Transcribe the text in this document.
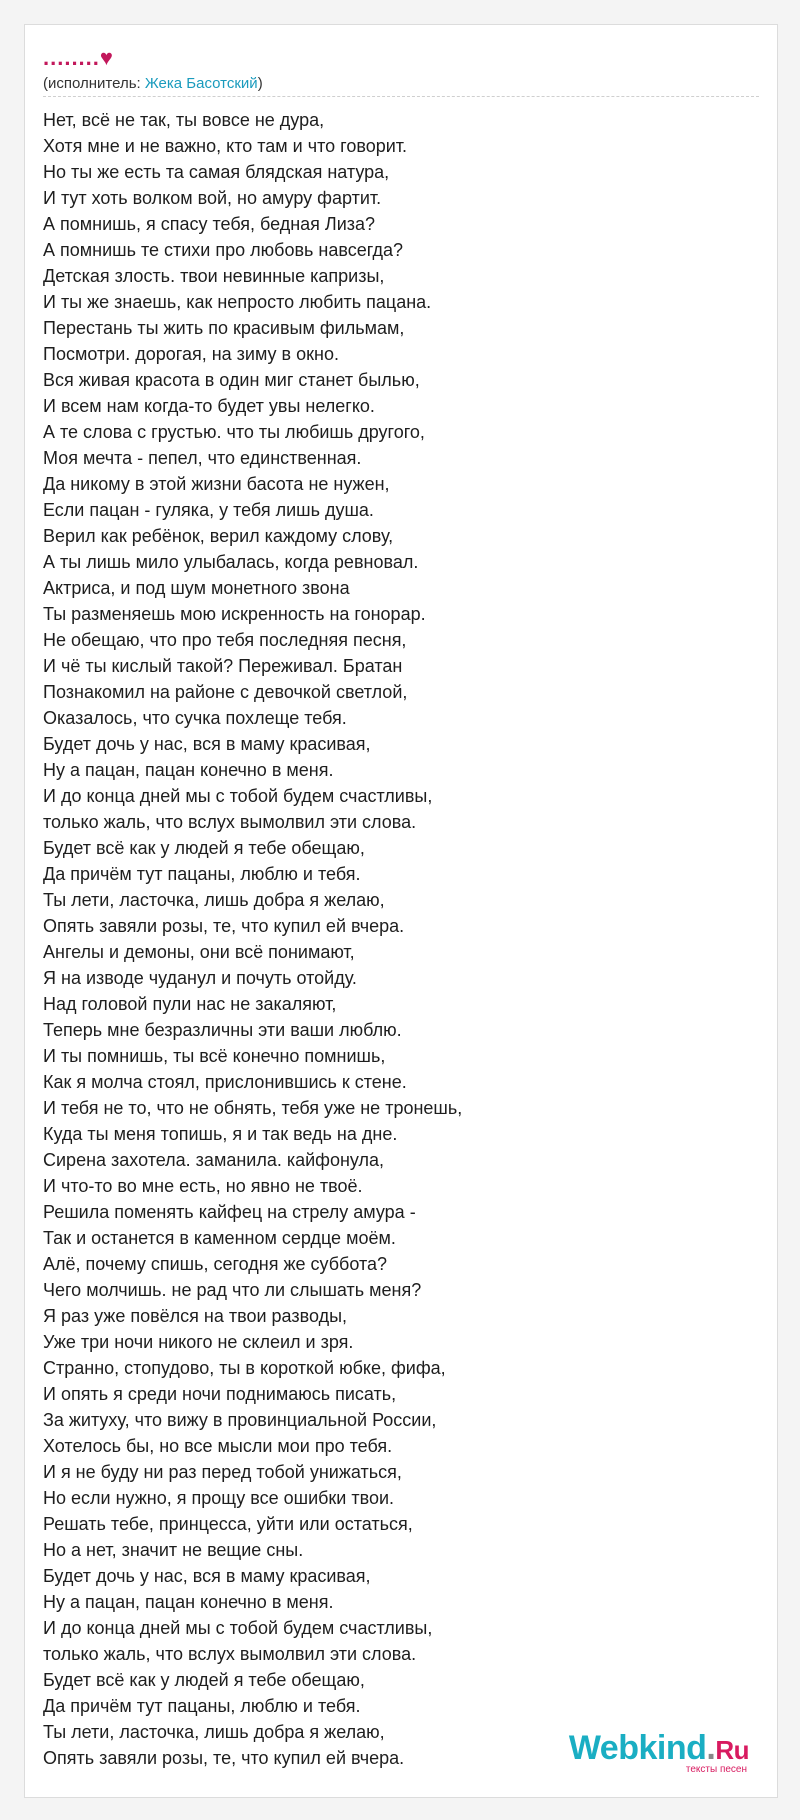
........♥
(исполнитель: Жека Басотский)
Нет, всё не так, ты вовсе не дура,
Хотя мне и не важно, кто там и что говорит.
Но ты же есть та самая блядская натура,
И тут хоть волком вой, но амуру фартит.
А помнишь, я спасу тебя, бедная Лиза?
А помнишь те стихи про любовь навсегда?
Детская злость. твои невинные капризы,
И ты же знаешь, как непросто любить пацана.
Перестань ты жить по красивым фильмам,
Посмотри. дорогая, на зиму в окно.
Вся живая красота в один миг станет былью,
И всем нам когда-то будет увы нелегко.
А те слова с грустью. что ты любишь другого,
Моя мечта - пепел, что единственная.
Да никому в этой жизни басота не нужен,
Если пацан - гуляка, у тебя лишь душа.
Верил как ребёнок, верил каждому слову,
А ты лишь мило улыбалась, когда ревновал.
Актриса, и под шум монетного звона
Ты разменяешь мою искренность на гонорар.
Не обещаю, что про тебя последняя песня,
И чё ты кислый такой? Переживал. Братан
Познакомил на районе с девочкой светлой,
Оказалось, что сучка похлеще тебя.
Будет дочь у нас, вся в маму красивая,
Ну а пацан, пацан конечно в меня.
И до конца дней мы с тобой будем счастливы,
только жаль, что вслух вымолвил эти слова.
Будет всё как у людей я тебе обещаю,
Да причём тут пацаны, люблю и тебя.
Ты лети, ласточка, лишь добра я желаю,
Опять завяли розы, те, что купил ей вчера.
Ангелы и демоны, они всё понимают,
Я на изводе чуданул и почуть отойду.
Над головой пули нас не закаляют,
Теперь мне безразличны эти ваши люблю.
И ты помнишь, ты всё конечно помнишь,
Как я молча стоял, прислонившись к стене.
И тебя не то, что не обнять, тебя уже не тронешь,
Куда ты меня топишь, я и так ведь на дне.
Сирена захотела. заманила. кайфонула,
И что-то во мне есть, но явно не твоё.
Решила поменять кайфец на стрелу амура -
Так и останется в каменном сердце моём.
Алё, почему спишь, сегодня же суббота?
Чего молчишь. не рад что ли слышать меня?
Я раз уже повёлся на твои разводы,
Уже три ночи никого не склеил и зря.
Странно, стопудово, ты в короткой юбке, фифа,
И опять я среди ночи поднимаюсь писать,
За житуху, что вижу в провинциальной России,
Хотелось бы, но все мысли мои про тебя.
И я не буду ни раз перед тобой унижаться,
Но если нужно, я прощу все ошибки твои.
Решать тебе, принцесса, уйти или остаться,
Но а нет, значит не вещие сны.
Будет дочь у нас, вся в маму красивая,
Ну а пацан, пацан конечно в меня.
И до конца дней мы с тобой будем счастливы,
только жаль, что вслух вымолвил эти слова.
Будет всё как у людей я тебе обещаю,
Да причём тут пацаны, люблю и тебя.
Ты лети, ласточка, лишь добра я желаю,
Опять завяли розы, те, что купил ей вчера.	Webkind.Ru
тексты песен
